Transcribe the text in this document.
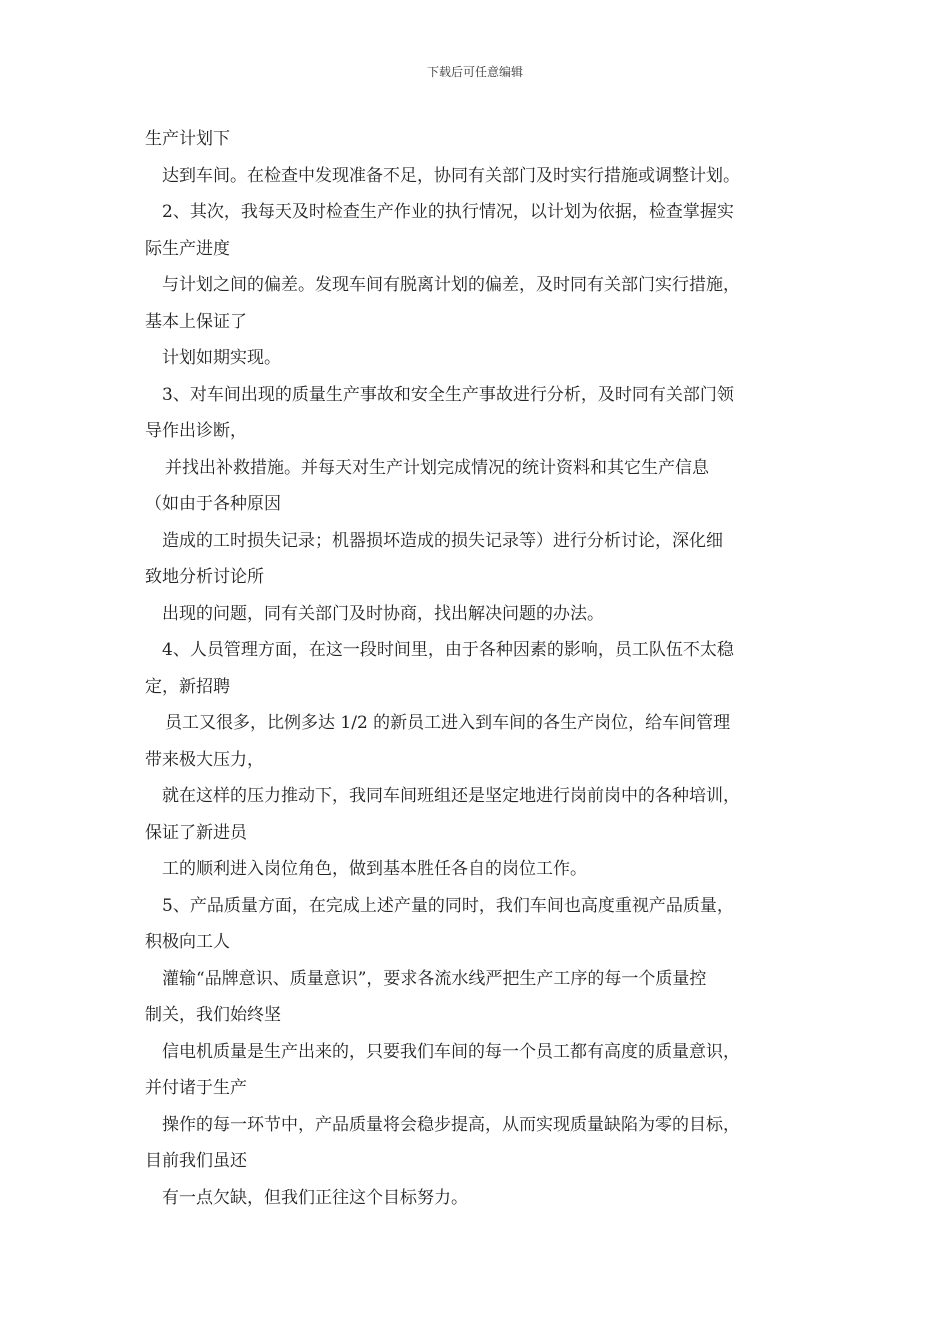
下载后可任意编辑
生产计划下
达到车间。在检查中发现准备不足，协同有关部门及时实行措施或调整计划。
2、其次，我每天及时检查生产作业的执行情况，以计划为依据，检查掌握实
际生产进度
与计划之间的偏差。发现车间有脱离计划的偏差，及时同有关部门实行措施，
基本上保证了
计划如期实现。
3、对车间出现的质量生产事故和安全生产事故进行分析，及时同有关部门领
导作出诊断，
并找出补救措施。并每天对生产计划完成情况的统计资料和其它生产信息
（如由于各种原因
造成的工时损失记录；机器损坏造成的损失记录等）进行分析讨论，深化细
致地分析讨论所
出现的问题，同有关部门及时协商，找出解决问题的办法。
4、人员管理方面，在这一段时间里，由于各种因素的影响，员工队伍不太稳
定，新招聘
员工又很多，比例多达 1/2 的新员工进入到车间的各生产岗位，给车间管理
带来极大压力，
就在这样的压力推动下，我同车间班组还是坚定地进行岗前岗中的各种培训，
保证了新进员
工的顺利进入岗位角色，做到基本胜任各自的岗位工作。
5、产品质量方面，在完成上述产量的同时，我们车间也高度重视产品质量，
积极向工人
灌输“品牌意识、质量意识”，要求各流水线严把生产工序的每一个质量控
制关，我们始终坚
信电机质量是生产出来的，只要我们车间的每一个员工都有高度的质量意识，
并付诸于生产
操作的每一环节中，产品质量将会稳步提高，从而实现质量缺陷为零的目标，
目前我们虽还
有一点欠缺，但我们正往这个目标努力。
